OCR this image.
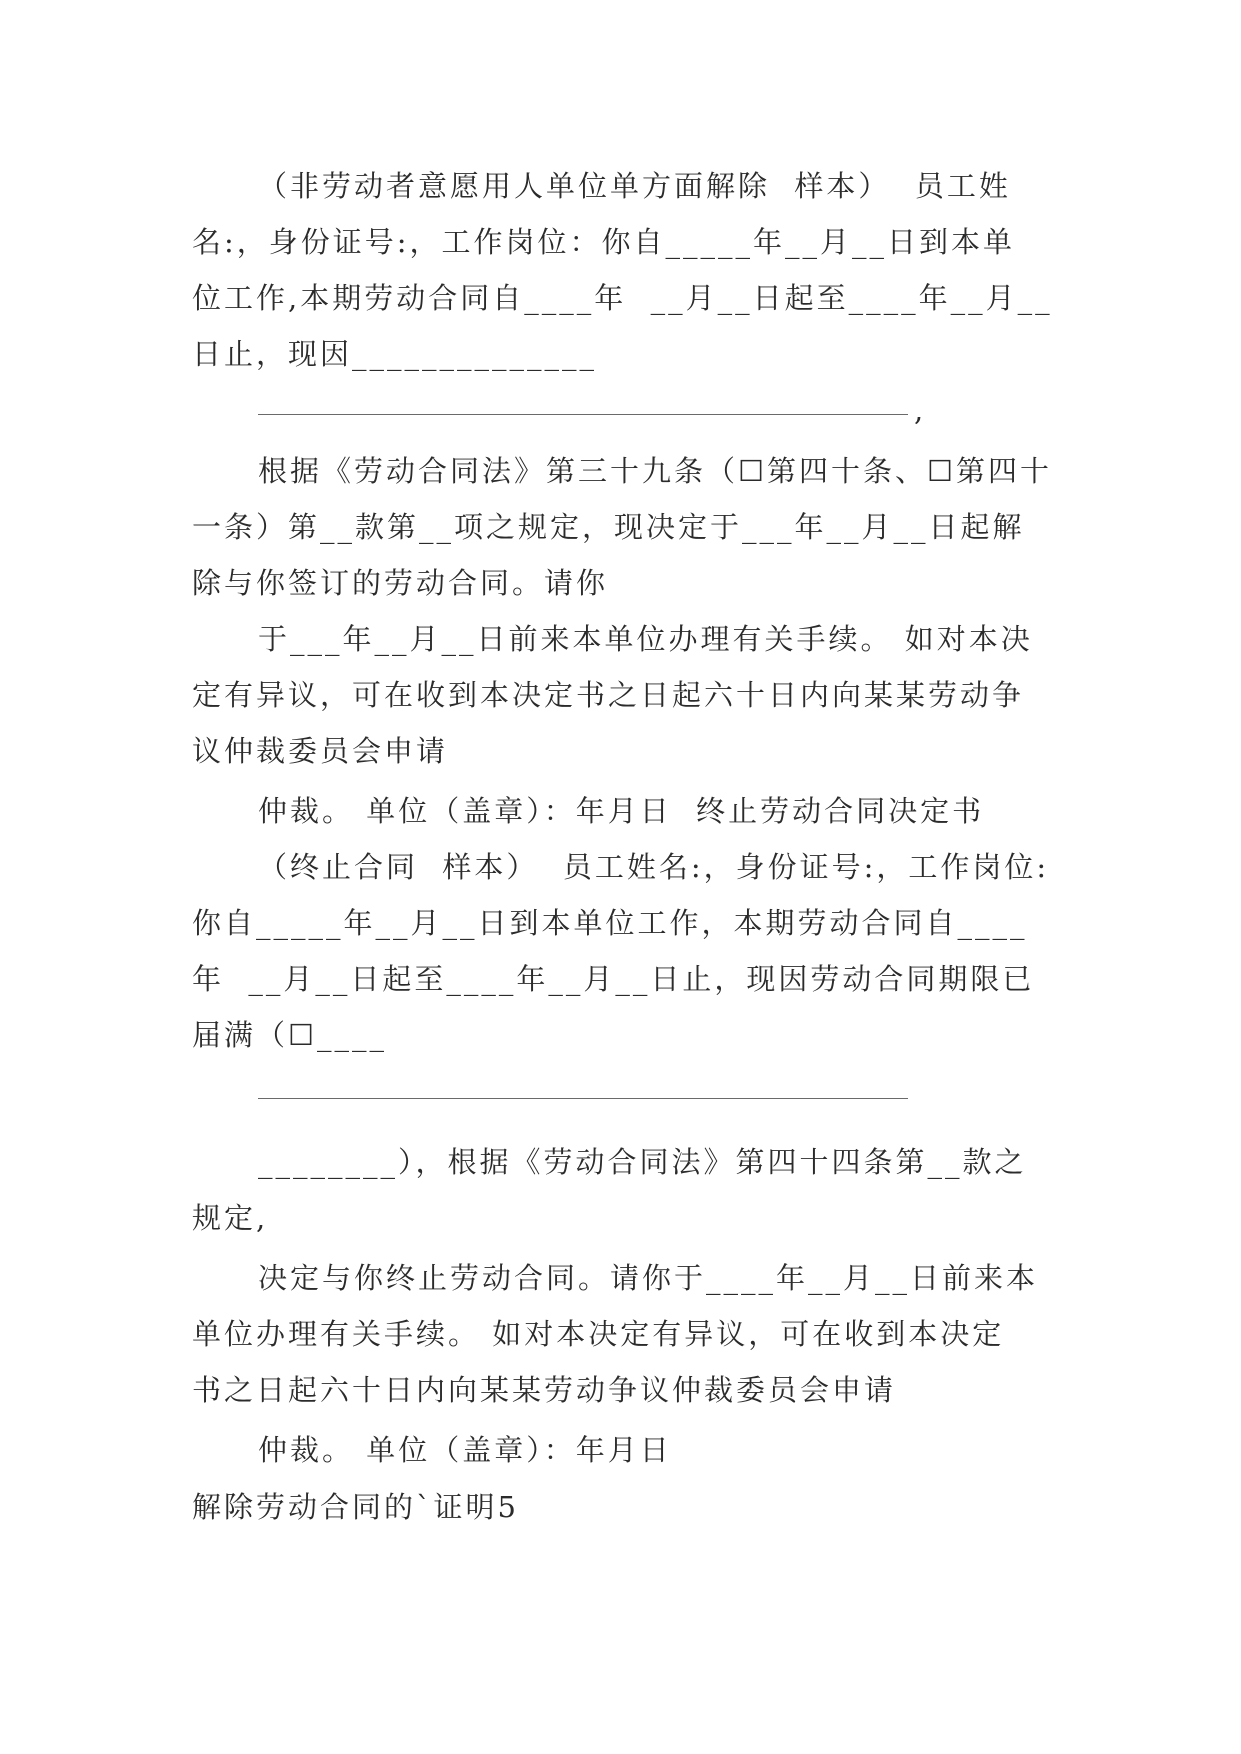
（非劳动者意愿用人单位单方面解除  样本）  员工姓
名:，身份证号:，工作岗位：你自_____年__月__日到本单
位工作,本期劳动合同自____年  __月__日起至____年__月__
日止，现因______________
,
根据《劳动合同法》第三十九条（☐第四十条、☐第四十
一条）第__款第__项之规定，现决定于___年__月__日起解
除与你签订的劳动合同。请你
于___年__月__日前来本单位办理有关手续。 如对本决
定有异议，可在收到本决定书之日起六十日内向某某劳动争
议仲裁委员会申请
仲裁。 单位（盖章）：年月日  终止劳动合同决定书
（终止合同  样本）  员工姓名:，身份证号:，工作岗位:
你自_____年__月__日到本单位工作，本期劳动合同自____
年  __月__日起至____年__月__日止，现因劳动合同期限已
届满（☐____
________），根据《劳动合同法》第四十四条第__款之
规定,
决定与你终止劳动合同。请你于____年__月__日前来本
单位办理有关手续。 如对本决定有异议，可在收到本决定
书之日起六十日内向某某劳动争议仲裁委员会申请
仲裁。 单位（盖章）：年月日
解除劳动合同的`证明5
